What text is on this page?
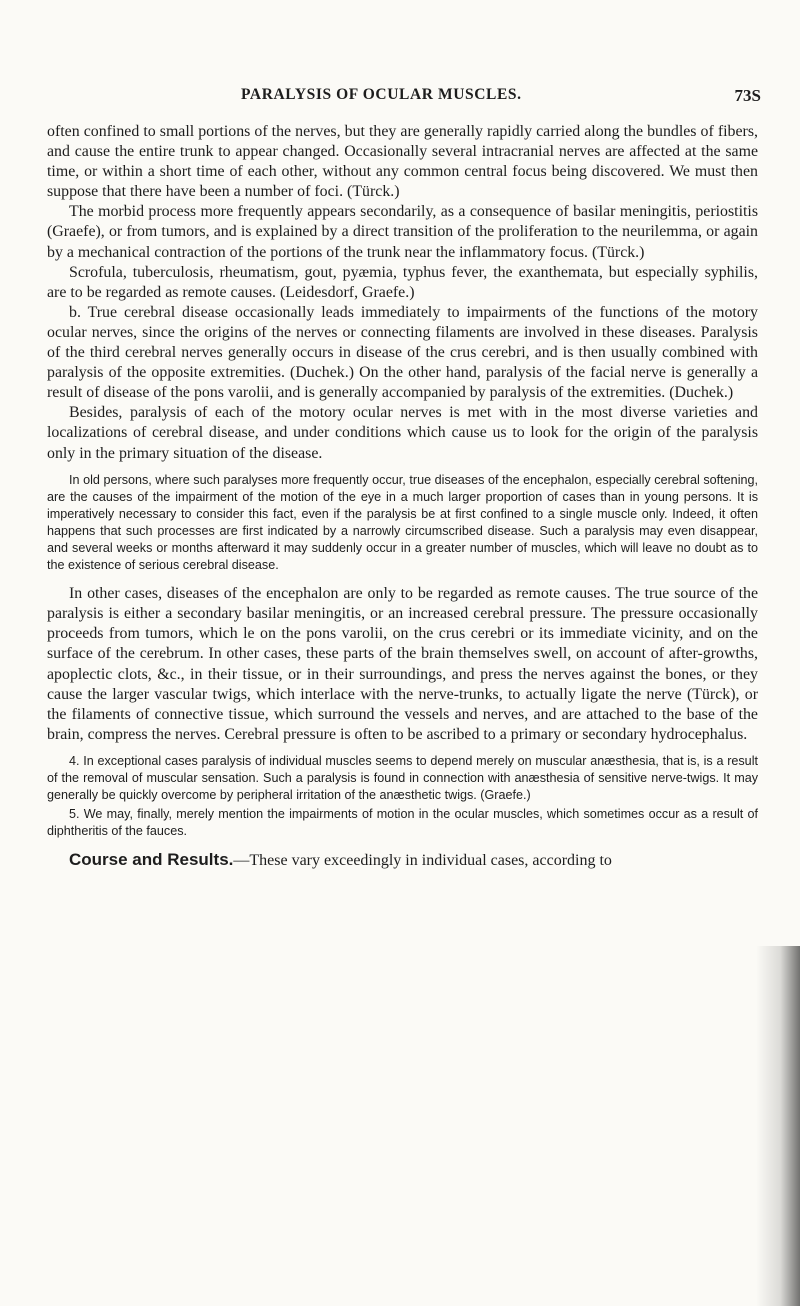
PARALYSIS OF OCULAR MUSCLES.	73S

often confined to small portions of the nerves, but they are generally rapidly carried along the bundles of fibers, and cause the entire trunk to appear changed. Occasionally several intracranial nerves are affected at the same time, or within a short time of each other, without any common central focus being discovered. We must then suppose that there have been a number of foci. (Türck.)

The morbid process more frequently appears secondarily, as a consequence of basilar meningitis, periostitis (Graefe), or from tumors, and is explained by a direct transition of the proliferation to the neurilemma, or again by a mechanical contraction of the portions of the trunk near the inflammatory focus. (Türck.)

Scrofula, tuberculosis, rheumatism, gout, pyæmia, typhus fever, the exanthemata, but especially syphilis, are to be regarded as remote causes. (Leidesdorf, Graefe.)

b. True cerebral disease occasionally leads immediately to impairments of the functions of the motory ocular nerves, since the origins of the nerves or connecting filaments are involved in these diseases. Paralysis of the third cerebral nerves generally occurs in disease of the crus cerebri, and is then usually combined with paralysis of the opposite extremities. (Duchek.) On the other hand, paralysis of the facial nerve is generally a result of disease of the pons varolii, and is generally accompanied by paralysis of the extremities. (Duchek.)

Besides, paralysis of each of the motory ocular nerves is met with in the most diverse varieties and localizations of cerebral disease, and under conditions which cause us to look for the origin of the paralysis only in the primary situation of the disease.

In old persons, where such paralyses more frequently occur, true diseases of the encephalon, especially cerebral softening, are the causes of the impairment of the motion of the eye in a much larger proportion of cases than in young persons. It is imperatively necessary to consider this fact, even if the paralysis be at first confined to a single muscle only. Indeed, it often happens that such processes are first indicated by a narrowly circumscribed disease. Such a paralysis may even disappear, and several weeks or months afterward it may suddenly occur in a greater number of muscles, which will leave no doubt as to the existence of serious cerebral disease.

In other cases, diseases of the encephalon are only to be regarded as remote causes. The true source of the paralysis is either a secondary basilar meningitis, or an increased cerebral pressure. The pressure occasionally proceeds from tumors, which le on the pons varolii, on the crus cerebri or its immediate vicinity, and on the surface of the cerebrum. In other cases, these parts of the brain themselves swell, on account of after-growths, apoplectic clots, &c., in their tissue, or in their surroundings, and press the nerves against the bones, or they cause the larger vascular twigs, which interlace with the nerve-trunks, to actually ligate the nerve (Türck), or the filaments of connective tissue, which surround the vessels and nerves, and are attached to the base of the brain, compress the nerves. Cerebral pressure is often to be ascribed to a primary or secondary hydrocephalus.

4. In exceptional cases paralysis of individual muscles seems to depend merely on muscular anæsthesia, that is, is a result of the removal of muscular sensation. Such a paralysis is found in connection with anæsthesia of sensitive nerve-twigs. It may generally be quickly overcome by peripheral irritation of the anæsthetic twigs. (Graefe.)

5. We may, finally, merely mention the impairments of motion in the ocular muscles, which sometimes occur as a result of diphtheritis of the fauces.

Course and Results.—These vary exceedingly in individual cases, according to
